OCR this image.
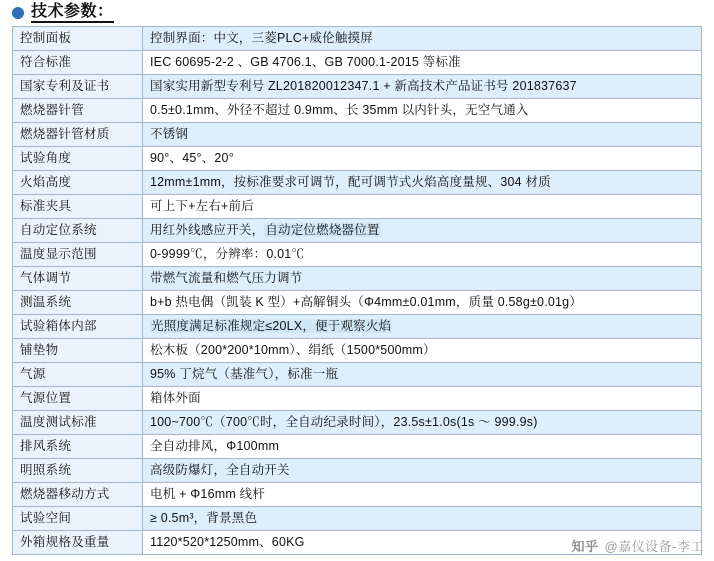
技术参数：
控制面板	控制界面：中文，三菱PLC+威伦触摸屏
符合标准	IEC 60695-2-2 、GB 4706.1、GB 7000.1-2015 等标准
国家专利及证书	国家实用新型专利号 ZL201820012347.1 + 新高技术产品证书号 201837637
燃烧器针管	0.5±0.1mm、外径不超过 0.9mm、长 35mm 以内针头，无空气通入
燃烧器针管材质	不锈钢
试验角度	90°、45°、20°
火焰高度	12mm±1mm，按标准要求可调节，配可调节式火焰高度量规、304 材质
标准夹具	可上下+左右+前后
自动定位系统	用红外线感应开关，自动定位燃烧器位置
温度显示范围	0-9999℃，分辨率：0.01℃
气体调节	带燃气流量和燃气压力调节
测温系统	b+b 热电偶（凯装 K 型）+高解铜头（Φ4mm±0.01mm，质量 0.58g±0.01g）
试验箱体内部	光照度满足标准规定≤20LX，便于观察火焰
铺垫物	松木板（200*200*10mm）、绢纸（1500*500mm）
气源	95% 丁烷气（基准气），标准一瓶
气源位置	箱体外面
温度测试标准	100~700℃（700℃时，全自动纪录时间），23.5s±1.0s(1s ～ 999.9s)
排风系统	全自动排风，Φ100mm
明照系统	高级防爆灯，全自动开关
燃烧器移动方式	电机 + Φ16mm 线杆
试验空间	≥ 0.5m³，背景黑色
外箱规格及重量	1120*520*1250mm、60KG	知乎 @嘉仪设备-李工
